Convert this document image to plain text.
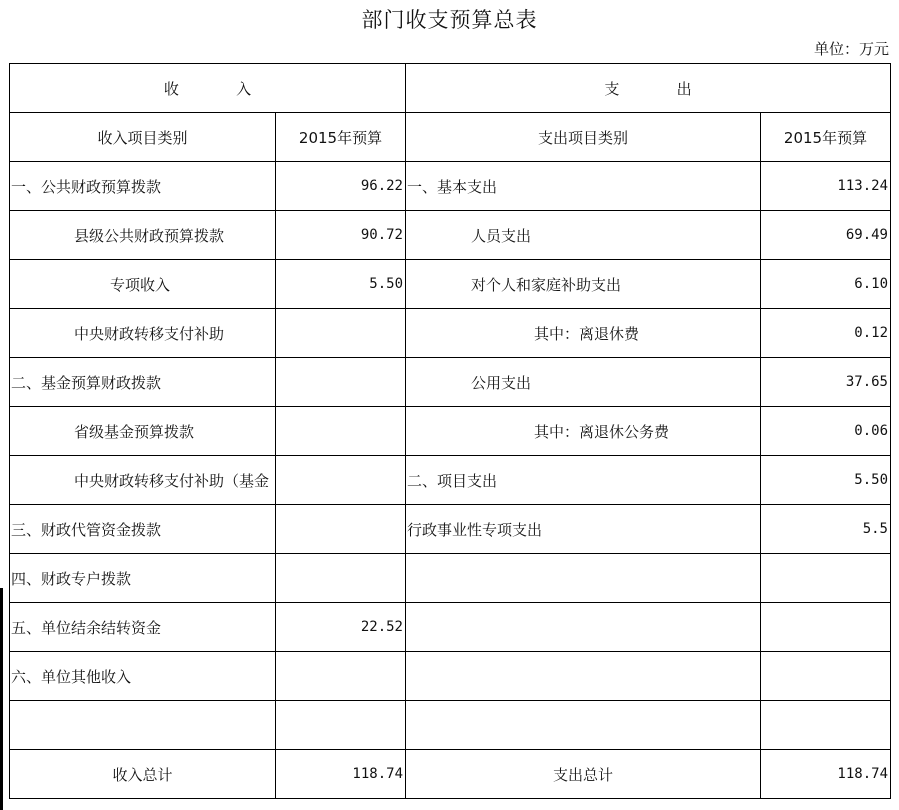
部门收支预算总表
单位：万元
收            入		支            出	
收入项目类别	2015年预算	支出项目类别	2015年预算
一、公共财政预算拨款	96.22	一、基本支出	113.24
县级公共财政预算拨款	90.72	人员支出	69.49
专项收入	5.50	对个人和家庭补助支出	6.10
中央财政转移支付补助		其中：离退休费	0.12
二、基金预算财政拨款		公用支出	37.65
省级基金预算拨款		其中：离退休公务费	0.06
中央财政转移支付补助（基金		二、项目支出	5.50
三、财政代管资金拨款		行政事业性专项支出	5.5
四、财政专户拨款			
五、单位结余结转资金	22.52		
六、单位其他收入			

收入总计	118.74	支出总计	118.74
